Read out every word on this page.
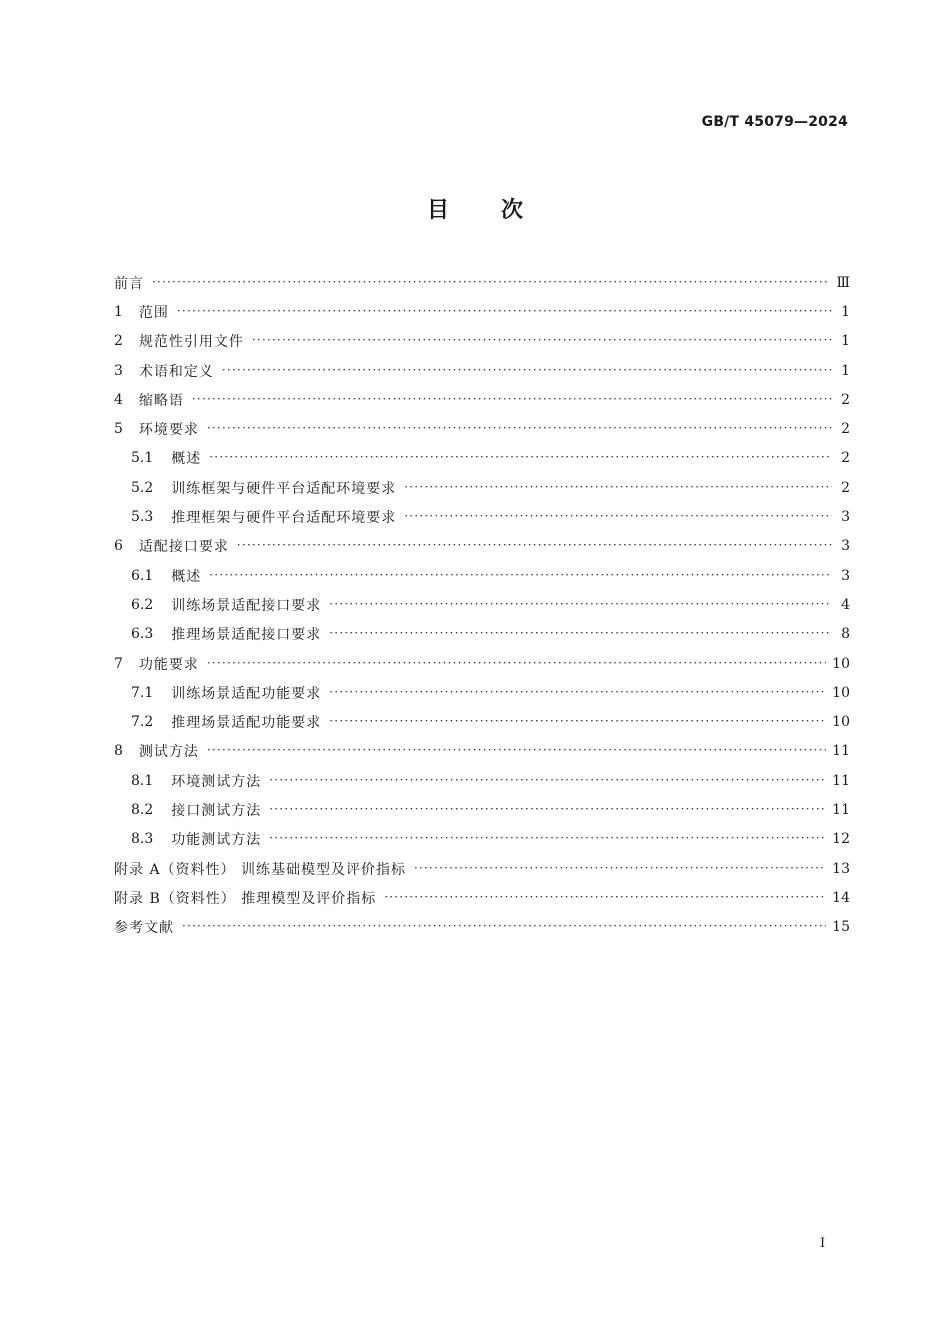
GB/T 45079—2024
目次
前言 ·····	Ⅲ
1 范围 ·····	1
2 规范性引用文件 ·····	1
3 术语和定义 ·····	1
4 缩略语 ·····	2
5 环境要求 ·····	2
5.1 概述 ·····	2
5.2 训练框架与硬件平台适配环境要求 ·····	2
5.3 推理框架与硬件平台适配环境要求 ·····	3
6 适配接口要求 ·····	3
6.1 概述 ·····	3
6.2 训练场景适配接口要求 ·····	4
6.3 推理场景适配接口要求 ·····	8
7 功能要求 ·····	10
7.1 训练场景适配功能要求 ·····	10
7.2 推理场景适配功能要求 ·····	10
8 测试方法 ·····	11
8.1 环境测试方法 ·····	11
8.2 接口测试方法 ·····	11
8.3 功能测试方法 ·····	12
附录 A（资料性） 训练基础模型及评价指标 ·····	13
附录 B（资料性） 推理模型及评价指标 ·····	14
参考文献 ·····	15
Ⅰ
